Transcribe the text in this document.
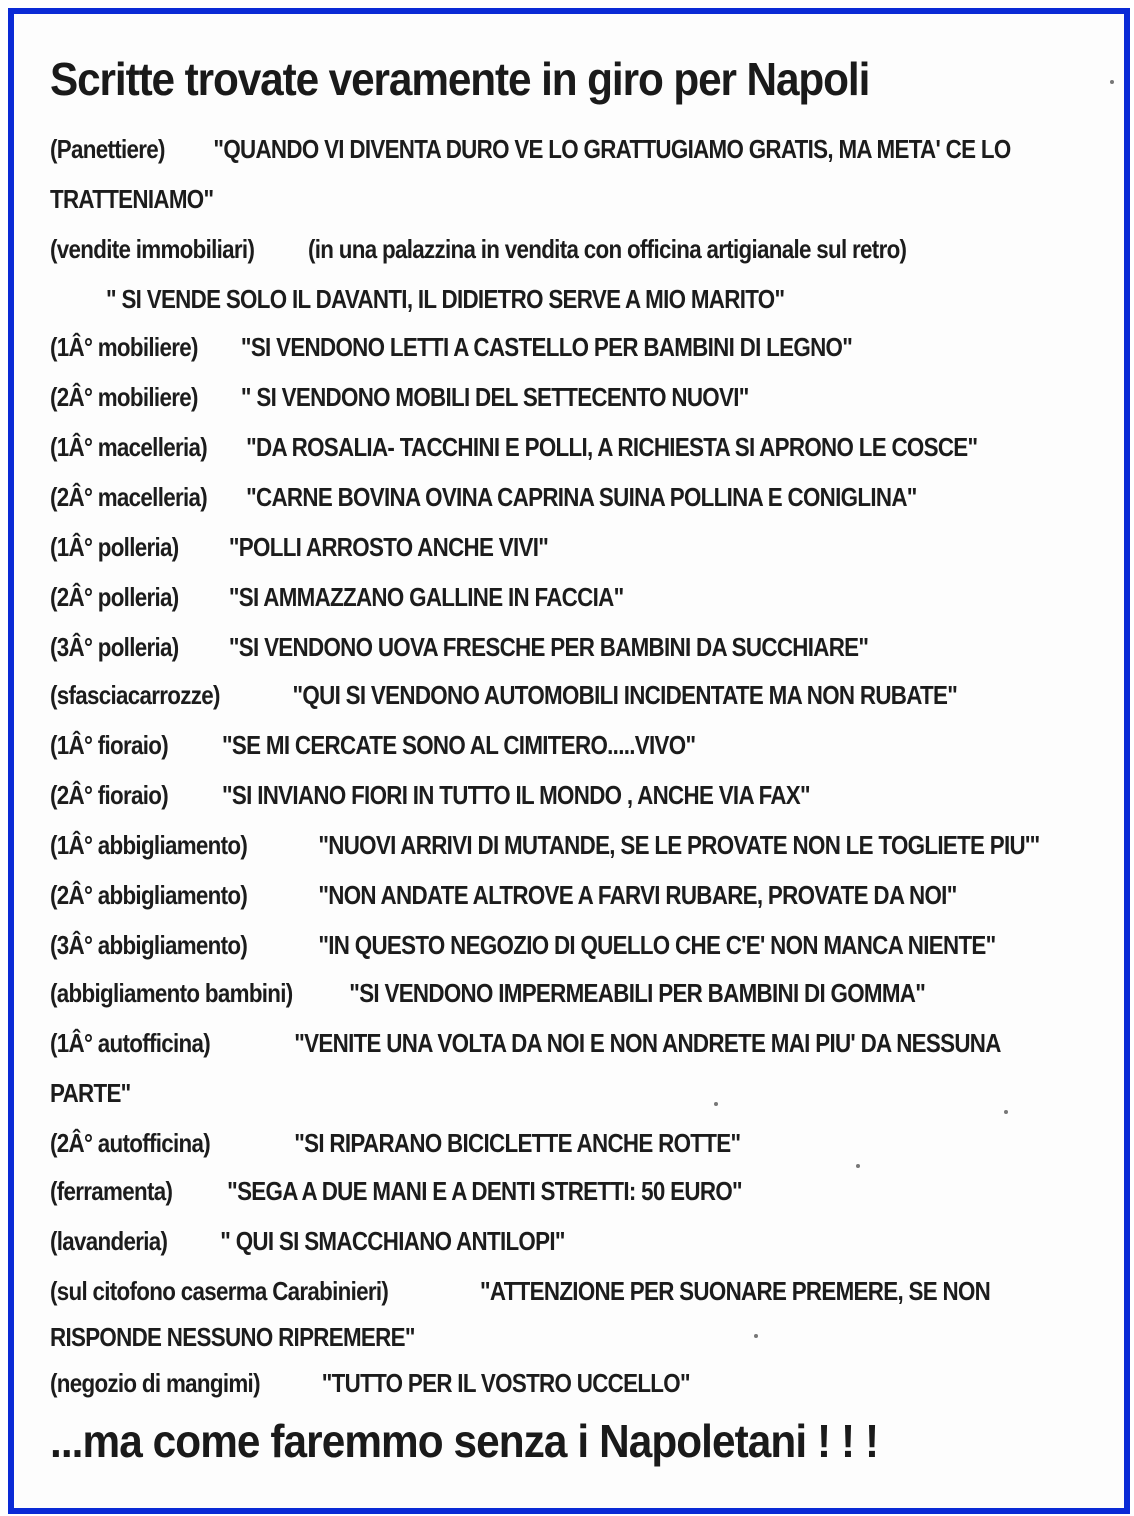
Scritte trovate veramente in giro per Napoli
(Panettiere) "QUANDO VI DIVENTA DURO VE LO GRATTUGIAMO GRATIS, MA META' CE LO
TRATTENIAMO"
(vendite immobiliari) (in una palazzina in vendita con officina artigianale sul retro)
" SI VENDE SOLO IL DAVANTI, IL DIDIETRO SERVE A MIO MARITO"
(1Â° mobiliere) "SI VENDONO LETTI A CASTELLO PER BAMBINI DI LEGNO"
(2Â° mobiliere) " SI VENDONO MOBILI DEL SETTECENTO NUOVI"
(1Â° macelleria) "DA ROSALIA- TACCHINI E POLLI, A RICHIESTA SI APRONO LE COSCE"
(2Â° macelleria) "CARNE BOVINA OVINA CAPRINA SUINA POLLINA E CONIGLINA"
(1Â° polleria) "POLLI ARROSTO ANCHE VIVI"
(2Â° polleria) "SI AMMAZZANO GALLINE IN FACCIA"
(3Â° polleria) "SI VENDONO UOVA FRESCHE PER BAMBINI DA SUCCHIARE"
(sfasciacarrozze)	"QUI SI VENDONO AUTOMOBILI INCIDENTATE MA NON RUBATE"
(1Â° fioraio) "SE MI CERCATE SONO AL CIMITERO.....VIVO"
(2Â° fioraio) "SI INVIANO FIORI IN TUTTO IL MONDO , ANCHE VIA FAX"
(1Â° abbigliamento)	"NUOVI ARRIVI DI MUTANDE, SE LE PROVATE NON LE TOGLIETE PIU'"
(2Â° abbigliamento)	"NON ANDATE ALTROVE A FARVI RUBARE, PROVATE DA NOI"
(3Â° abbigliamento)	"IN QUESTO NEGOZIO DI QUELLO CHE C'E' NON MANCA NIENTE"
(abbigliamento bambini) "SI VENDONO IMPERMEABILI PER BAMBINI DI GOMMA"
(1Â° autofficina)	"VENITE UNA VOLTA DA NOI E NON ANDRETE MAI PIU' DA NESSUNA
PARTE"
(2Â° autofficina)	"SI RIPARANO BICICLETTE ANCHE ROTTE"
(ferramenta) "SEGA A DUE MANI E A DENTI STRETTI: 50 EURO"
(lavanderia) " QUI SI SMACCHIANO ANTILOPI"
(sul citofono caserma Carabinieri)	"ATTENZIONE PER SUONARE PREMERE, SE NON
RISPONDE NESSUNO RIPREMERE"
(negozio di mangimi) "TUTTO PER IL VOSTRO UCCELLO"
...ma come faremmo senza i Napoletani ! ! !
